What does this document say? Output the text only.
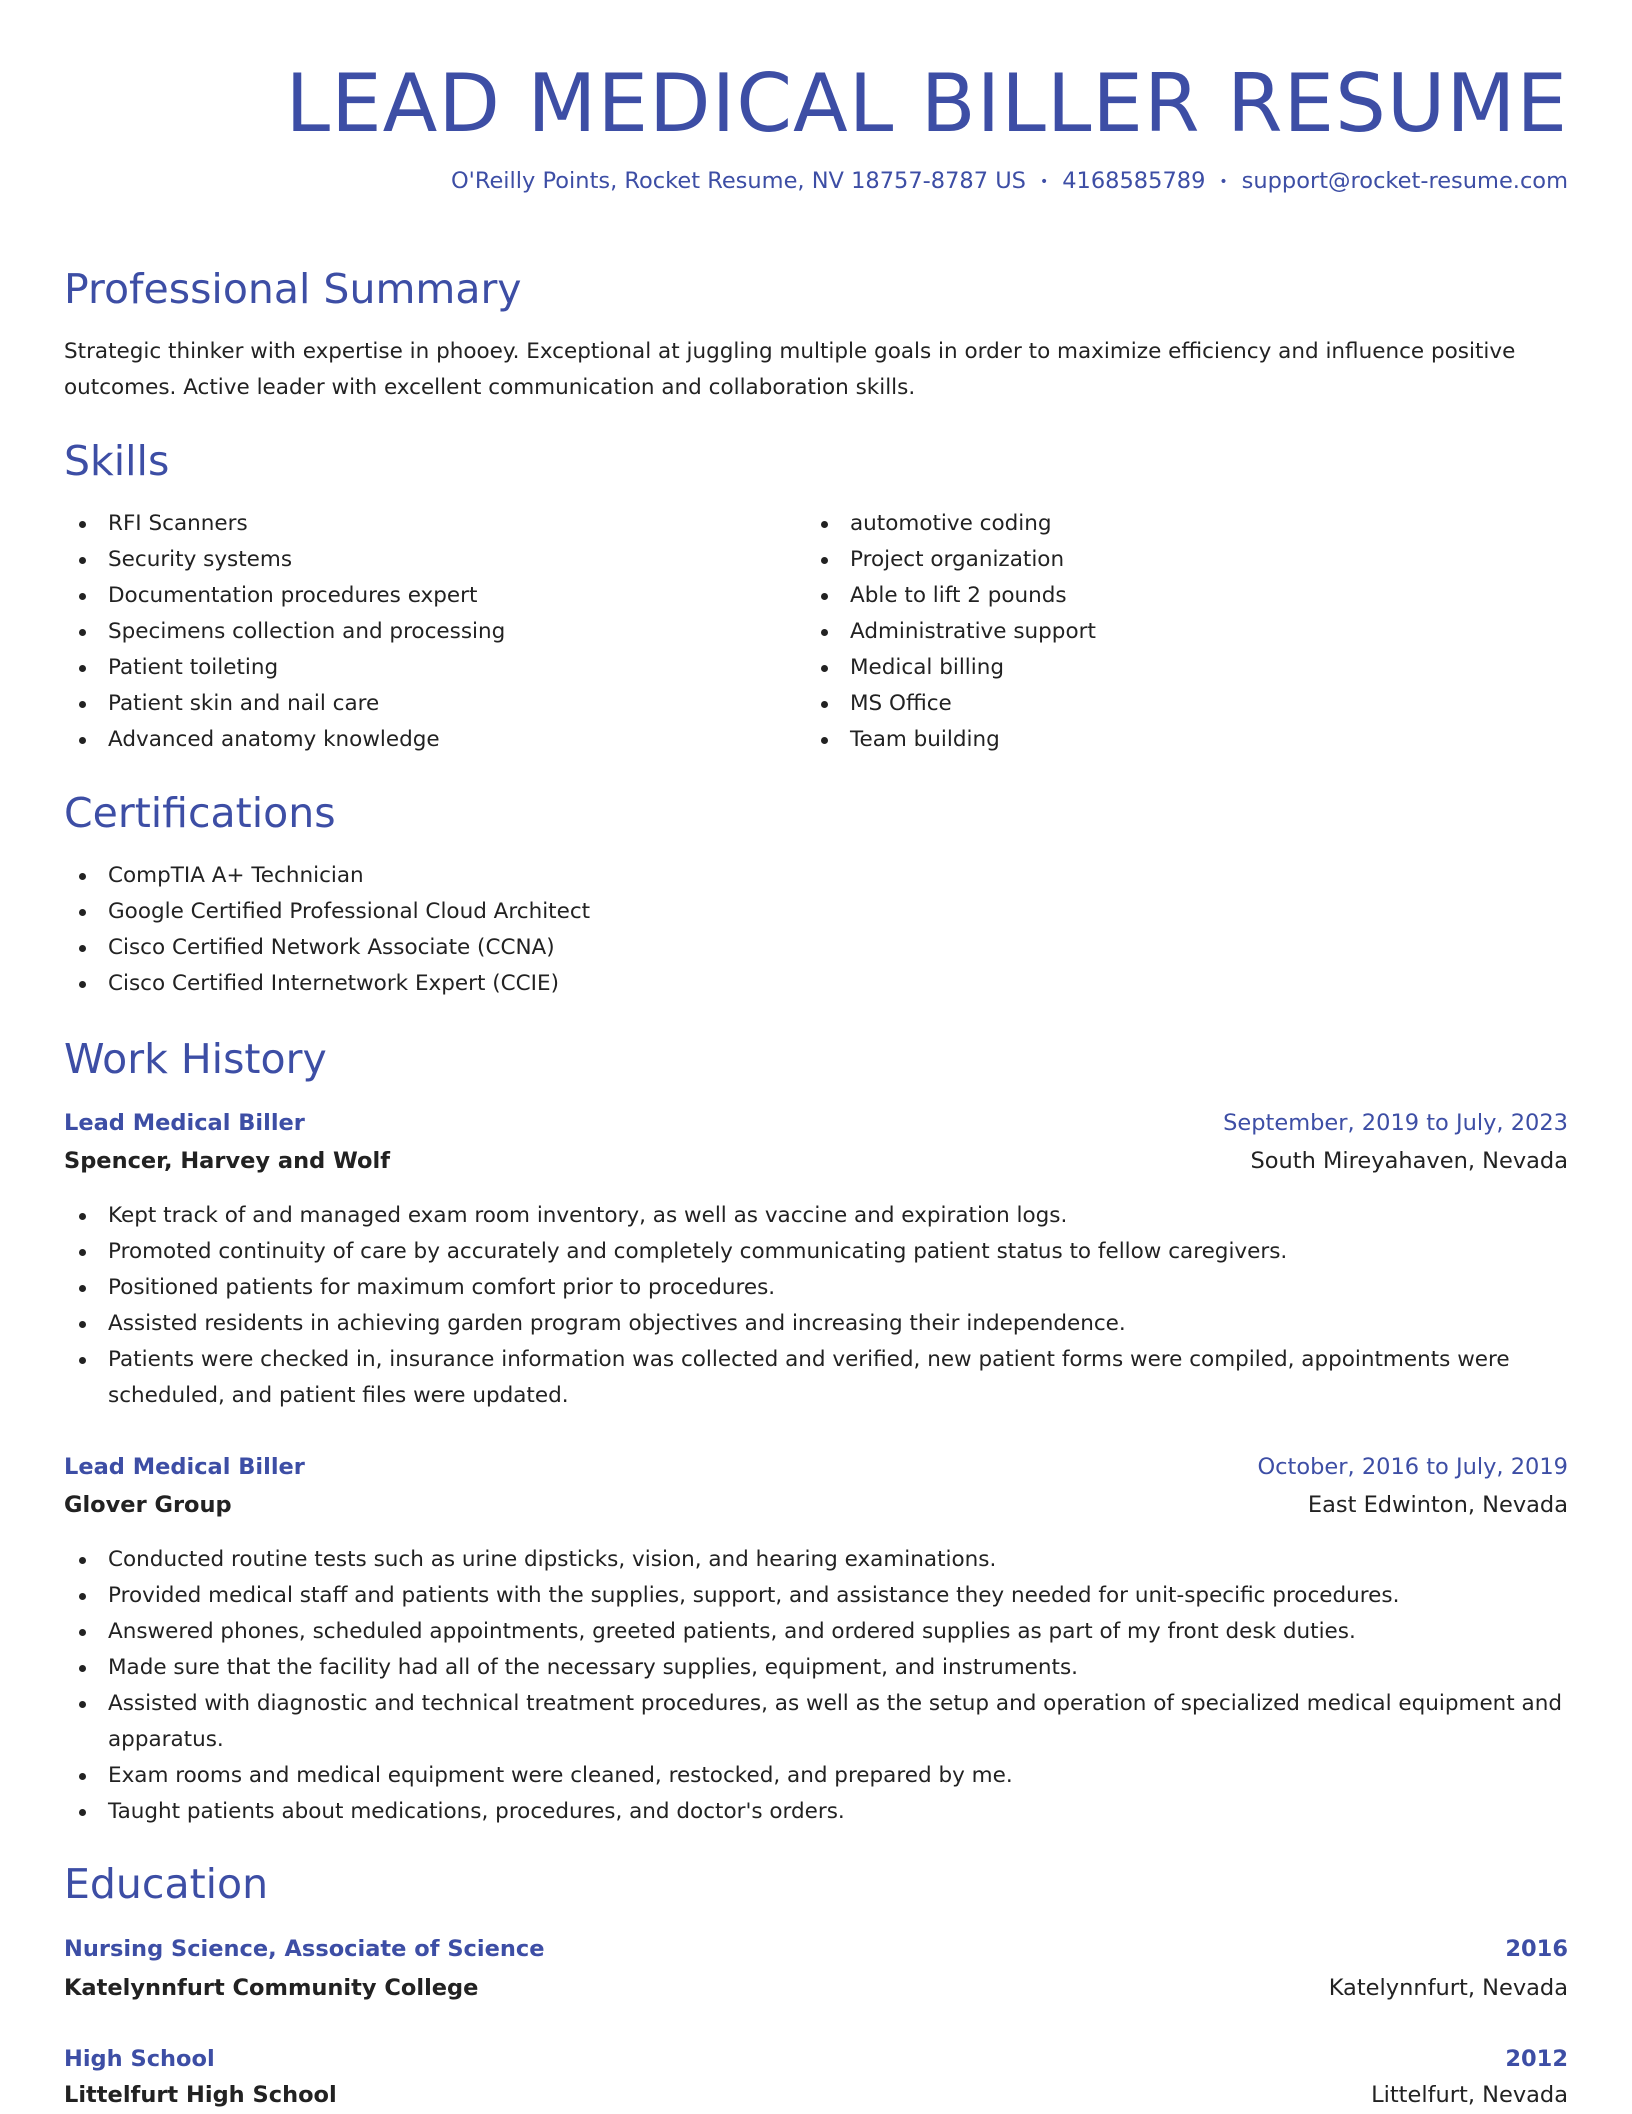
LEAD MEDICAL BILLER RESUME

O'Reilly Points, Rocket Resume, NV 18757-8787 US • 4168585789 • support@rocket-resume.com

Professional Summary

Strategic thinker with expertise in phooey. Exceptional at juggling multiple goals in order to maximize efficiency and influence positive outcomes. Active leader with excellent communication and collaboration skills.

Skills
RFI Scanners
Security systems
Documentation procedures expert
Specimens collection and processing
Patient toileting
Patient skin and nail care
Advanced anatomy knowledge
automotive coding
Project organization
Able to lift 2 pounds
Administrative support
Medical billing
MS Office
Team building
Certifications
CompTIA A+ Technician
Google Certified Professional Cloud Architect
Cisco Certified Network Associate (CCNA)
Cisco Certified Internetwork Expert (CCIE)
Work History
Lead Medical Biller	September, 2019 to July, 2023
Spencer, Harvey and Wolf	South Mireyahaven, Nevada
Kept track of and managed exam room inventory, as well as vaccine and expiration logs.
Promoted continuity of care by accurately and completely communicating patient status to fellow caregivers.
Positioned patients for maximum comfort prior to procedures.
Assisted residents in achieving garden program objectives and increasing their independence.
Patients were checked in, insurance information was collected and verified, new patient forms were compiled, appointments were scheduled, and patient files were updated.
Lead Medical Biller	October, 2016 to July, 2019
Glover Group	East Edwinton, Nevada
Conducted routine tests such as urine dipsticks, vision, and hearing examinations.
Provided medical staff and patients with the supplies, support, and assistance they needed for unit-specific procedures.
Answered phones, scheduled appointments, greeted patients, and ordered supplies as part of my front desk duties.
Made sure that the facility had all of the necessary supplies, equipment, and instruments.
Assisted with diagnostic and technical treatment procedures, as well as the setup and operation of specialized medical equipment and apparatus.
Exam rooms and medical equipment were cleaned, restocked, and prepared by me.
Taught patients about medications, procedures, and doctor's orders.
Education
Nursing Science, Associate of Science	2016
Katelynnfurt Community College	Katelynnfurt, Nevada
High School	2012
Littelfurt High School	Littelfurt, Nevada
